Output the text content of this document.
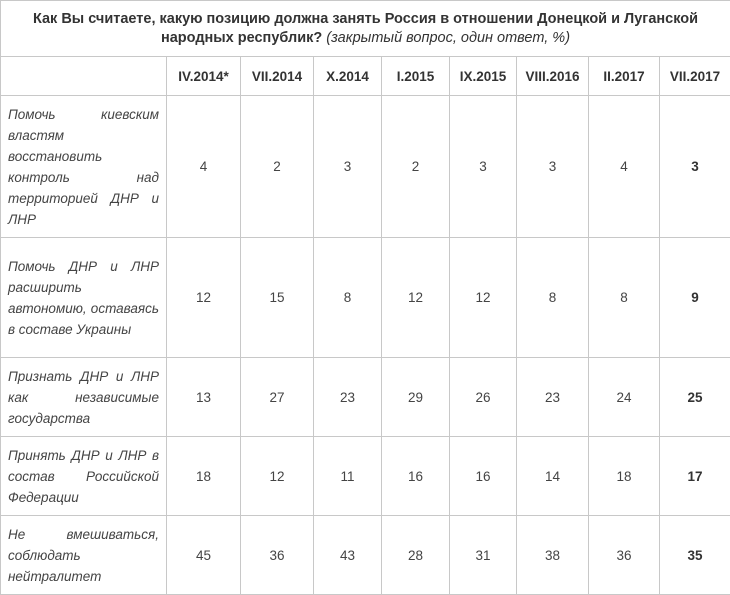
Как Вы считаете, какую позицию должна занять Россия в отношении Донецкой и Луганской народных республик? (закрытый вопрос, один ответ, %)								
	IV.2014*	VII.2014	X.2014	I.2015	IX.2015	VIII.2016	II.2017	VII.2017
Помочь киевским властям восстановить контроль над территорией ДНР и ЛНР	4	2	3	2	3	3	4	3
Помочь ДНР и ЛНР расширить автономию, оставаясь в составе Украины	12	15	8	12	12	8	8	9
Признать ДНР и ЛНР как независимые государства	13	27	23	29	26	23	24	25
Принять ДНР и ЛНР в состав Российской Федерации	18	12	11	16	16	14	18	17
Не вмешиваться, соблюдать нейтралитет	45	36	43	28	31	38	36	35
